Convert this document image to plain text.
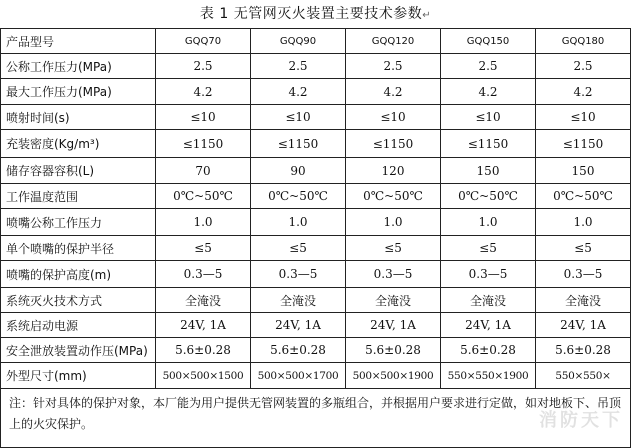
表 1 无管网灭火装置主要技术参数↵
产品型号	GQQ70	GQQ90	GQQ120	GQQ150	GQQ180
公称工作压力(MPa)	2.5	2.5	2.5	2.5	2.5
最大工作压力(MPa)	4.2	4.2	4.2	4.2	4.2
喷射时间(s)	≤10	≤10	≤10	≤10	≤10
充装密度(Kg/m³)	≤1150	≤1150	≤1150	≤1150	≤1150
储存容器容积(L)	70	90	120	150	150
工作温度范围	0℃~50℃	0℃~50℃	0℃~50℃	0℃~50℃	0℃~50℃
喷嘴公称工作压力	1.0	1.0	1.0	1.0	1.0
单个喷嘴的保护半径	≤5	≤5	≤5	≤5	≤5
喷嘴的保护高度(m)	0.3—5	0.3—5	0.3—5	0.3—5	0.3—5
系统灭火技术方式	全淹没	全淹没	全淹没	全淹没	全淹没
系统启动电源	24V, 1A	24V, 1A	24V, 1A	24V, 1A	24V, 1A
安全泄放装置动作压(MPa)	5.6±0.28	5.6±0.28	5.6±0.28	5.6±0.28	5.6±0.28
外型尺寸(mm)	500×500×1500	500×500×1700	500×500×1900	550×550×1900	550×550×
注：针对具体的保护对象，本厂能为用户提供无管网装置的多瓶组合，并根据用户要求进行定做，如对地板下、吊顶上的火灾保护。						消防天下
